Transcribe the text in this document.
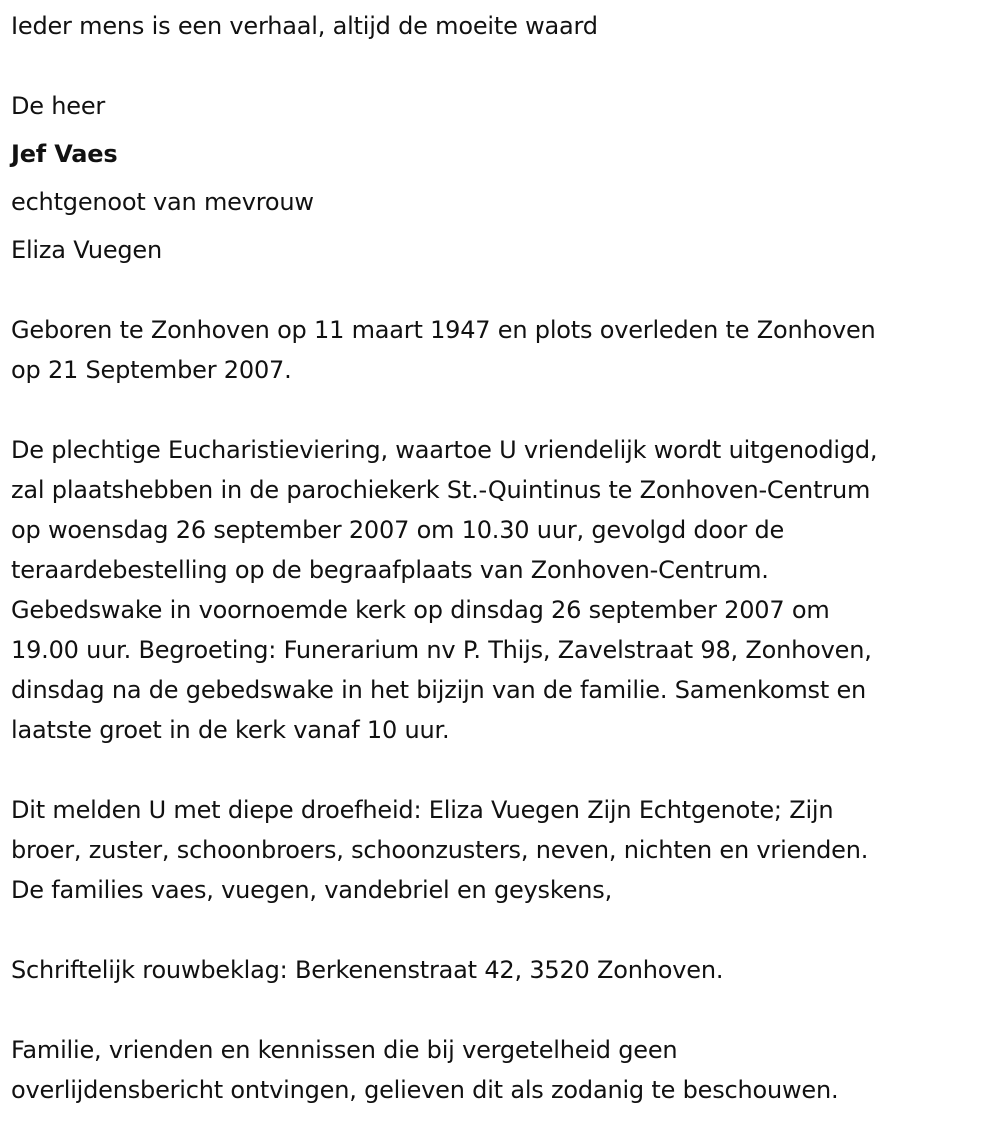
Ieder mens is een verhaal, altijd de moeite waard
De heer
Jef Vaes
echtgenoot van mevrouw
Eliza Vuegen
Geboren te Zonhoven op 11 maart 1947 en plots overleden te Zonhoven
op 21 September 2007.
De plechtige Eucharistieviering, waartoe U vriendelijk wordt uitgenodigd,
zal plaatshebben in de parochiekerk St.-Quintinus te Zonhoven-Centrum
op woensdag 26 september 2007 om 10.30 uur, gevolgd door de
teraardebestelling op de begraafplaats van Zonhoven-Centrum.
Gebedswake in voornoemde kerk op dinsdag 26 september 2007 om
19.00 uur. Begroeting: Funerarium nv P. Thijs, Zavelstraat 98, Zonhoven,
dinsdag na de gebedswake in het bijzijn van de familie. Samenkomst en
laatste groet in de kerk vanaf 10 uur.
Dit melden U met diepe droefheid: Eliza Vuegen Zijn Echtgenote; Zijn
broer, zuster, schoonbroers, schoonzusters, neven, nichten en vrienden.
De families vaes, vuegen, vandebriel en geyskens,
Schriftelijk rouwbeklag: Berkenenstraat 42, 3520 Zonhoven.
Familie, vrienden en kennissen die bij vergetelheid geen
overlijdensbericht ontvingen, gelieven dit als zodanig te beschouwen.
